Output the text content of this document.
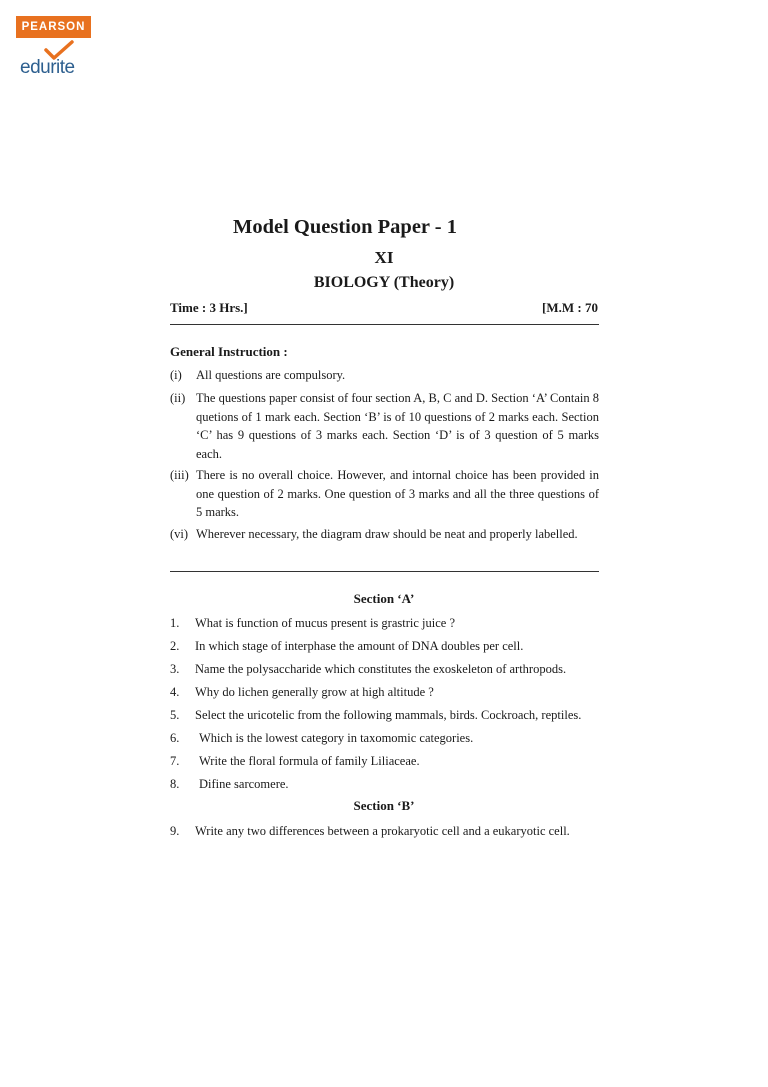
PEARSON
edurite
Model Question Paper - 1
XI
BIOLOGY (Theory)
Time : 3 Hrs.]	[M.M : 70
General Instruction :
(i)	All questions are compulsory.
(ii) The questions paper consist of four section A, B, C and D. Section ‘A’ Contain 8 quetions of 1 mark each. Section ‘B’ is of 10 questions of 2 marks each. Section ‘C’ has 9 questions of 3 marks each. Section ‘D’ is of 3 question of 5 marks each.
(iii) There is no overall choice. However, and intornal choice has been provided in one question of 2 marks. One question of 3 marks and all the three questions of 5 marks.
(vi) Wherever necessary, the diagram draw should be neat and properly labelled.
Section ‘A’
1. What is function of mucus present is grastric juice ?
2. In which stage of interphase the amount of DNA doubles per cell.
3. Name the polysaccharide which constitutes the exoskeleton of arthropods.
4. Why do lichen generally grow at high altitude ?
5. Select the uricotelic from the following mammals, birds. Cockroach, reptiles.
6. Which is the lowest category in taxomomic categories.
7. Write the floral formula of family Liliaceae.
8. Difine sarcomere.
Section ‘B’
9. Write any two differences between a prokaryotic cell and a eukaryotic cell.
